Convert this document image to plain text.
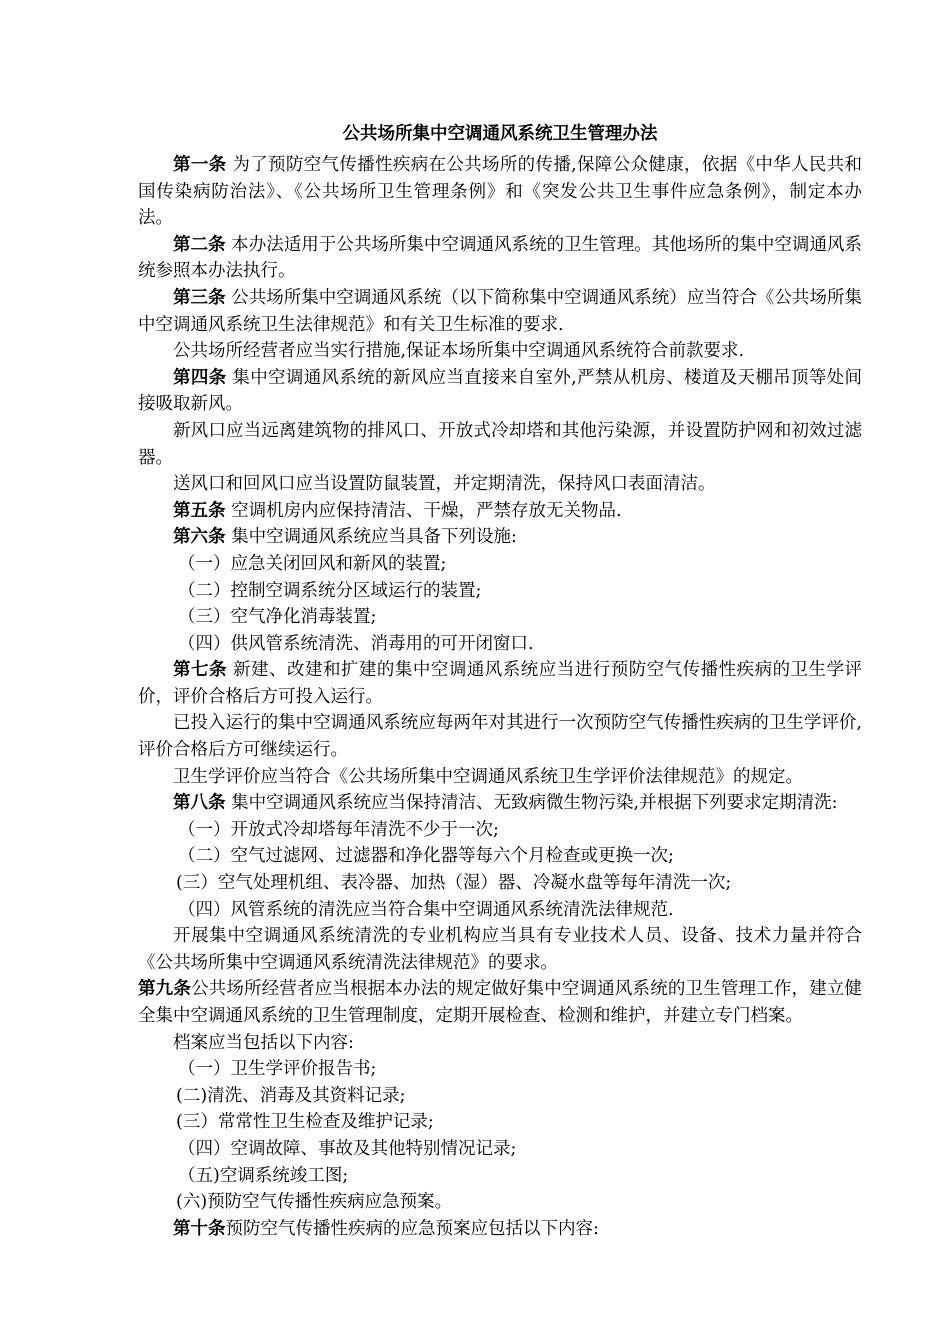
公共场所集中空调通风系统卫生管理办法

第一条 为了预防空气传播性疾病在公共场所的传播,保障公众健康，依据《中华人民共和国传染病防治法》、《公共场所卫生管理条例》和《突发公共卫生事件应急条例》，制定本办法。

第二条 本办法适用于公共场所集中空调通风系统的卫生管理。其他场所的集中空调通风系统参照本办法执行。

第三条 公共场所集中空调通风系统（以下简称集中空调通风系统）应当符合《公共场所集中空调通风系统卫生法律规范》和有关卫生标准的要求.

公共场所经营者应当实行措施,保证本场所集中空调通风系统符合前款要求.

第四条 集中空调通风系统的新风应当直接来自室外,严禁从机房、楼道及天棚吊顶等处间接吸取新风。

新风口应当远离建筑物的排风口、开放式冷却塔和其他污染源，并设置防护网和初效过滤器。

送风口和回风口应当设置防鼠装置，并定期清洗，保持风口表面清洁。

第五条 空调机房内应保持清洁、干燥，严禁存放无关物品.

第六条 集中空调通风系统应当具备下列设施:

（一）应急关闭回风和新风的装置;

（二）控制空调系统分区域运行的装置;

（三）空气净化消毒装置;

（四）供风管系统清洗、消毒用的可开闭窗口.

第七条 新建、改建和扩建的集中空调通风系统应当进行预防空气传播性疾病的卫生学评价，评价合格后方可投入运行。

已投入运行的集中空调通风系统应每两年对其进行一次预防空气传播性疾病的卫生学评价,评价合格后方可继续运行。

卫生学评价应当符合《公共场所集中空调通风系统卫生学评价法律规范》的规定。

第八条 集中空调通风系统应当保持清洁、无致病微生物污染,并根据下列要求定期清洗:

（一）开放式冷却塔每年清洗不少于一次;

（二）空气过滤网、过滤器和净化器等每六个月检查或更换一次;

(三）空气处理机组、表冷器、加热（湿）器、冷凝水盘等每年清洗一次;

（四）风管系统的清洗应当符合集中空调通风系统清洗法律规范.

开展集中空调通风系统清洗的专业机构应当具有专业技术人员、设备、技术力量并符合《公共场所集中空调通风系统清洗法律规范》的要求。

第九条公共场所经营者应当根据本办法的规定做好集中空调通风系统的卫生管理工作，建立健全集中空调通风系统的卫生管理制度，定期开展检查、检测和维护，并建立专门档案。

档案应当包括以下内容:

（一）卫生学评价报告书;

(二)清洗、消毒及其资料记录;

(三）常常性卫生检查及维护记录;

（四）空调故障、事故及其他特别情况记录;

（五)空调系统竣工图;

(六)预防空气传播性疾病应急预案。

第十条预防空气传播性疾病的应急预案应包括以下内容:
